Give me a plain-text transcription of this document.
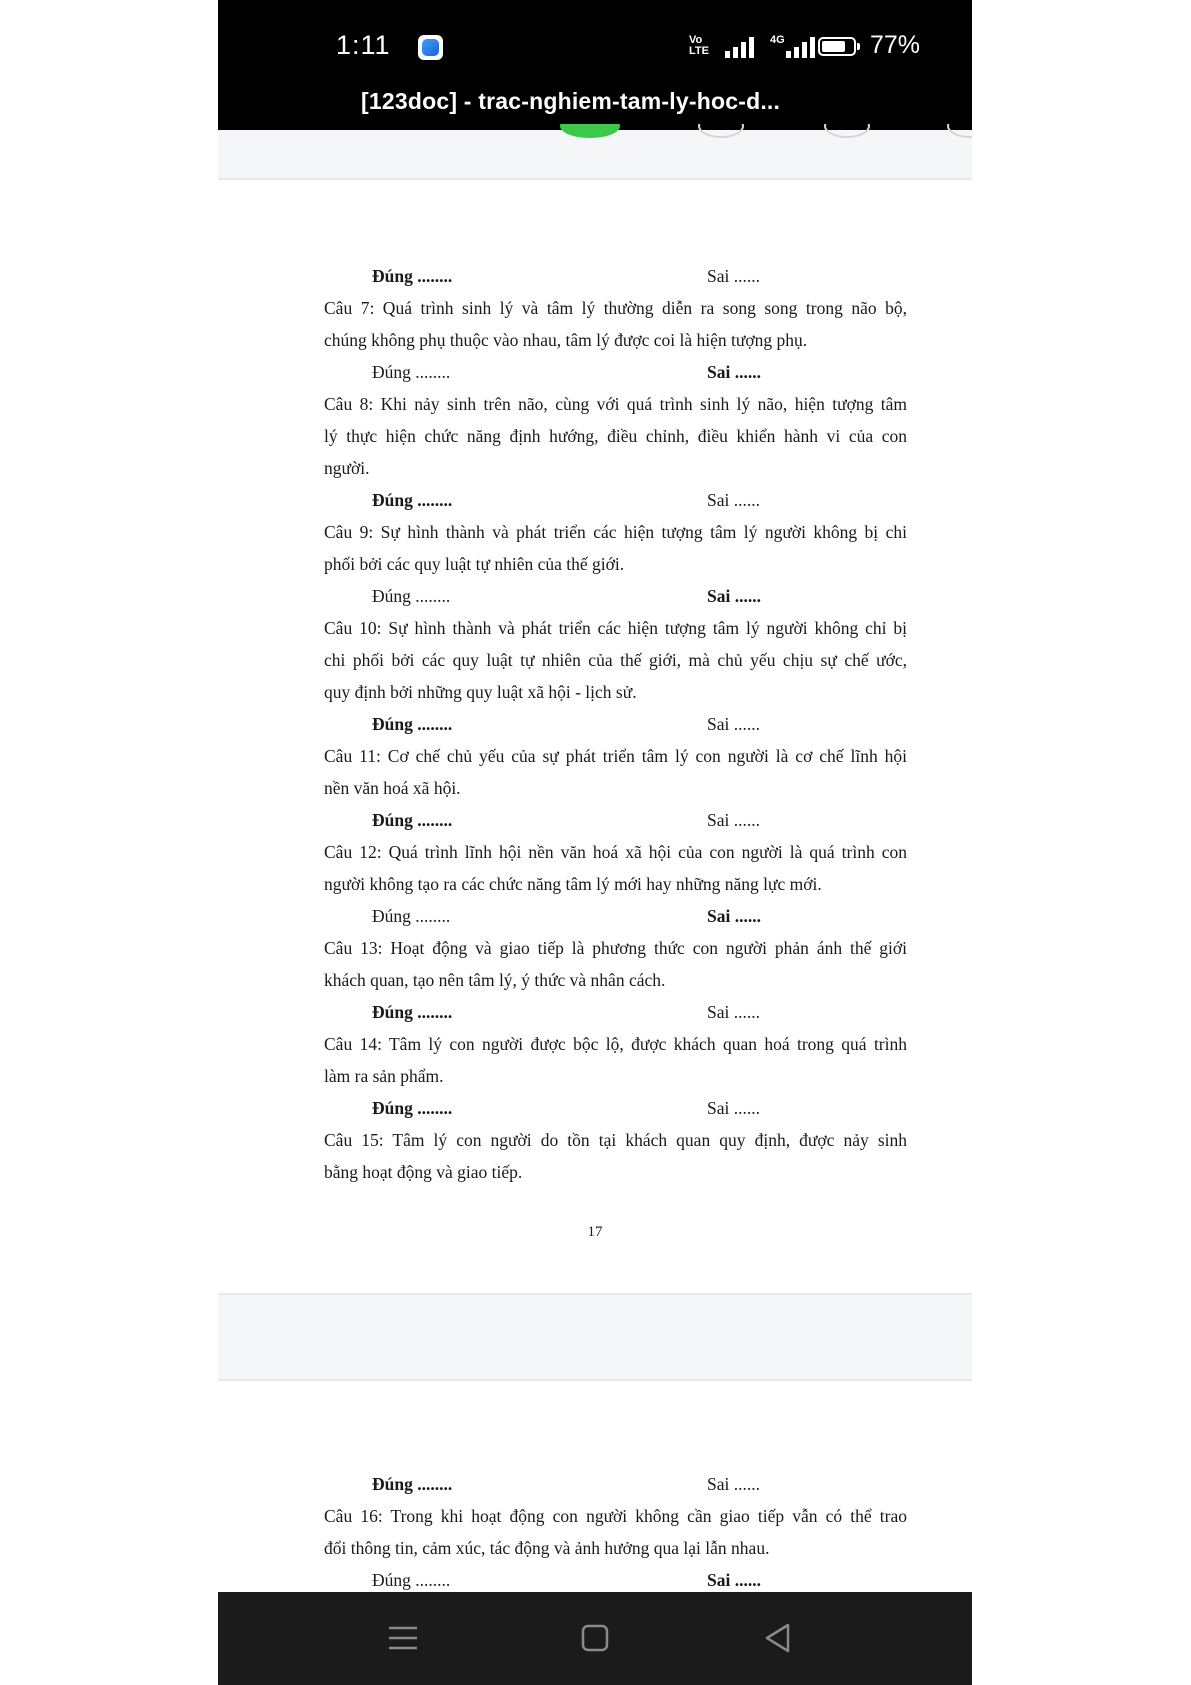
1:11	Vo
LTE
4G	77%
[123doc] - trac-nghiem-tam-ly-hoc-d...
Đúng ........	Sai ......
Câu 7: Quá trình sinh lý và tâm lý thường diễn ra song song trong não bộ,
chúng không phụ thuộc vào nhau, tâm lý được coi là hiện tượng phụ.
Đúng ........	Sai ......
Câu 8: Khi nảy sinh trên não, cùng với quá trình sinh lý não, hiện tượng tâm
lý thực hiện chức năng định hướng, điều chỉnh, điều khiển hành vi của con
người.
Đúng ........	Sai ......
Câu 9: Sự hình thành và phát triển các hiện tượng tâm lý người không bị chi
phối bởi các quy luật tự nhiên của thế giới.
Đúng ........	Sai ......
Câu 10: Sự hình thành và phát triển các hiện tượng tâm lý người không chỉ bị
chi phối bởi các quy luật tự nhiên của thế giới, mà chủ yếu chịu sự chế ước,
quy định bởi những quy luật xã hội - lịch sử.
Đúng ........	Sai ......
Câu 11: Cơ chế chủ yếu của sự phát triển tâm lý con người là cơ chế lĩnh hội
nền văn hoá xã hội.
Đúng ........	Sai ......
Câu 12: Quá trình lĩnh hội nền văn hoá xã hội của con người là quá trình con
người không tạo ra các chức năng tâm lý mới hay những năng lực mới.
Đúng ........	Sai ......
Câu 13: Hoạt động và giao tiếp là phương thức con người phản ánh thế giới
khách quan, tạo nên tâm lý, ý thức và nhân cách.
Đúng ........	Sai ......
Câu 14: Tâm lý con người được bộc lộ, được khách quan hoá trong quá trình
làm ra sản phẩm.
Đúng ........	Sai ......
Câu 15: Tâm lý con người do tồn tại khách quan quy định, được nảy sinh
bằng hoạt động và giao tiếp.
Đúng ........	Sai ......
Câu 16: Trong khi hoạt động con người không cần giao tiếp vẫn có thể trao
đổi thông tin, cảm xúc, tác động và ảnh hưởng qua lại lẫn nhau.
Đúng ........	Sai ......
17
